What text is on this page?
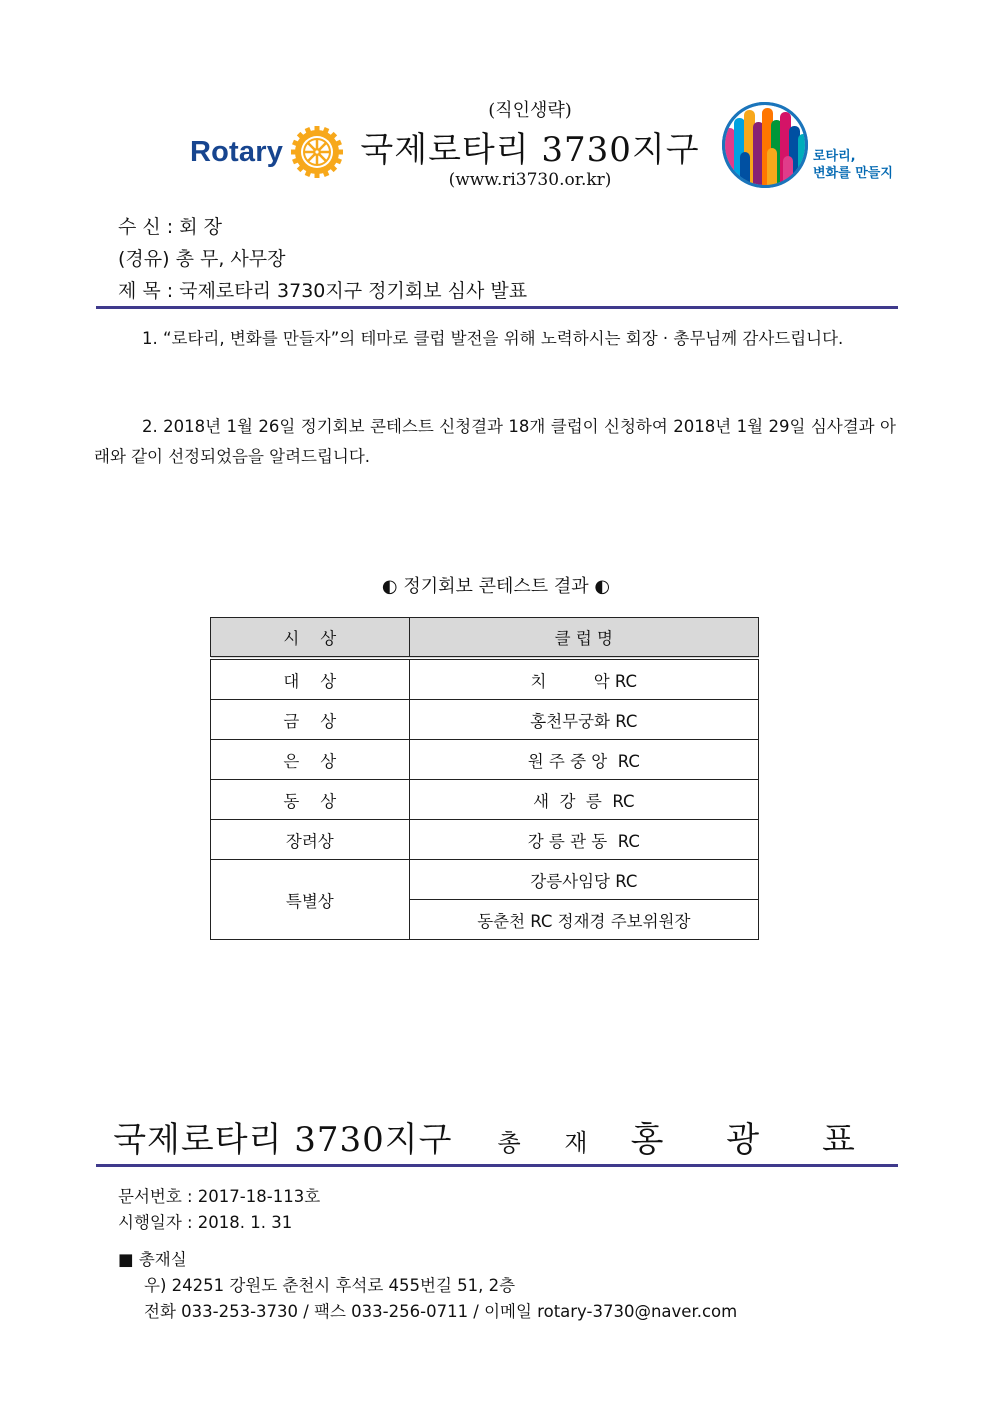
Rotary
(직인생략)
국제로타리 3730지구
(www.ri3730.or.kr)
로타리,
변화를 만들지
수 신 : 회 장
(경유) 총 무, 사무장
제 목 : 국제로타리 3730지구 정기회보 심사 발표
1. “로타리, 변화를 만들자”의 테마로 클럽 발전을 위해 노력하시는 회장 · 총무님께 감사드립니다.
2. 2018년 1월 26일 정기회보 콘테스트 신청결과 18개 클럽이 신청하여 2018년 1월 29일 심사결과 아래와 같이 선정되었음을 알려드립니다.
◐ 정기회보 콘테스트 결과 ◐
시    상	클 럽 명
대    상	치         악 RC
금    상	홍천무궁화 RC
은    상	원 주 중 앙  RC
동    상	새  강  릉  RC
장려상	강 릉 관 동  RC
특별상	강릉사임당 RC
	동춘천 RC 정재경 주보위원장
국제로타리 3730지구 총 재 홍 광 표
문서번호 : 2017-18-113호
시행일자 : 2018. 1. 31
■ 총재실
우) 24251 강원도 춘천시 후석로 455번길 51, 2층
전화 033-253-3730 / 팩스 033-256-0711 / 이메일 rotary-3730@naver.com
